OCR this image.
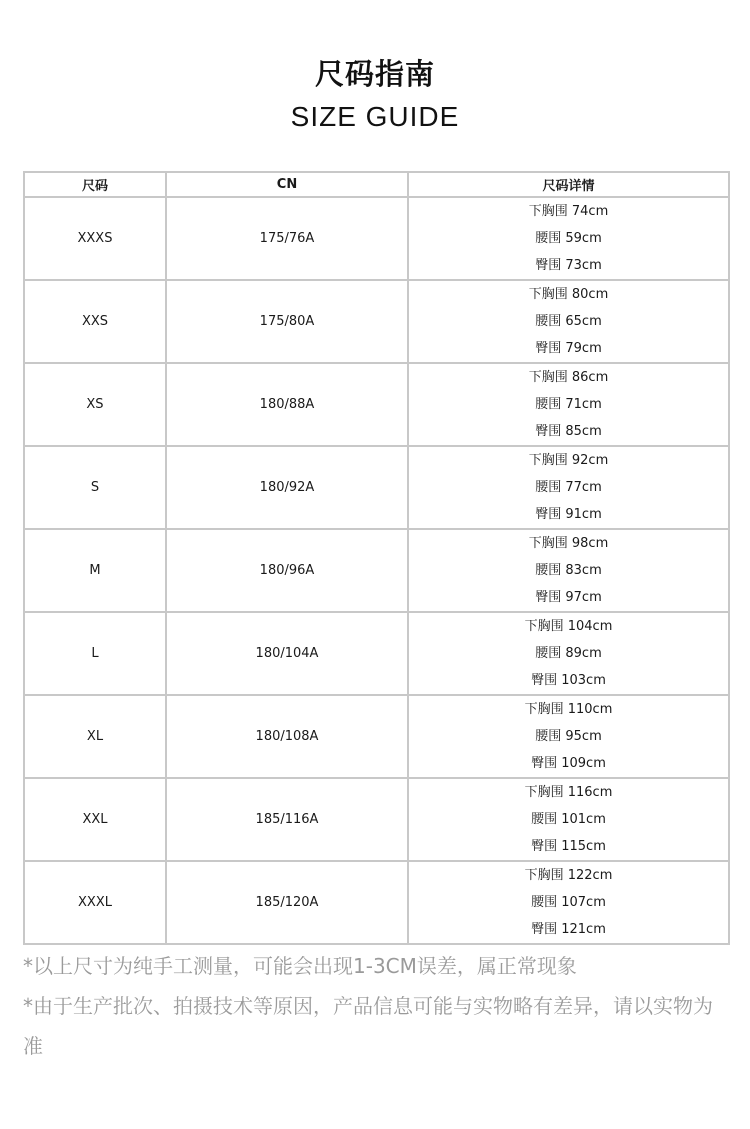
尺码指南
SIZE GUIDE
尺码	CN	尺码详情
XXXS	175/76A	下胸围 74cm
腰围 59cm
臀围 73cm

XXS	175/80A	下胸围 80cm
腰围 65cm
臀围 79cm

XS	180/88A	下胸围 86cm
腰围 71cm
臀围 85cm

S	180/92A	下胸围 92cm
腰围 77cm
臀围 91cm

M	180/96A	下胸围 98cm
腰围 83cm
臀围 97cm

L	180/104A	下胸围 104cm
腰围 89cm
臀围 103cm

XL	180/108A	下胸围 110cm
腰围 95cm
臀围 109cm

XXL	185/116A	下胸围 116cm
腰围 101cm
臀围 115cm

XXXL	185/120A	下胸围 122cm
腰围 107cm
臀围 121cm

*以上尺寸为纯手工测量，可能会出现1-3CM误差，属正常现象

*由于生产批次、拍摄技术等原因，产品信息可能与实物略有差异，请以实物为准
